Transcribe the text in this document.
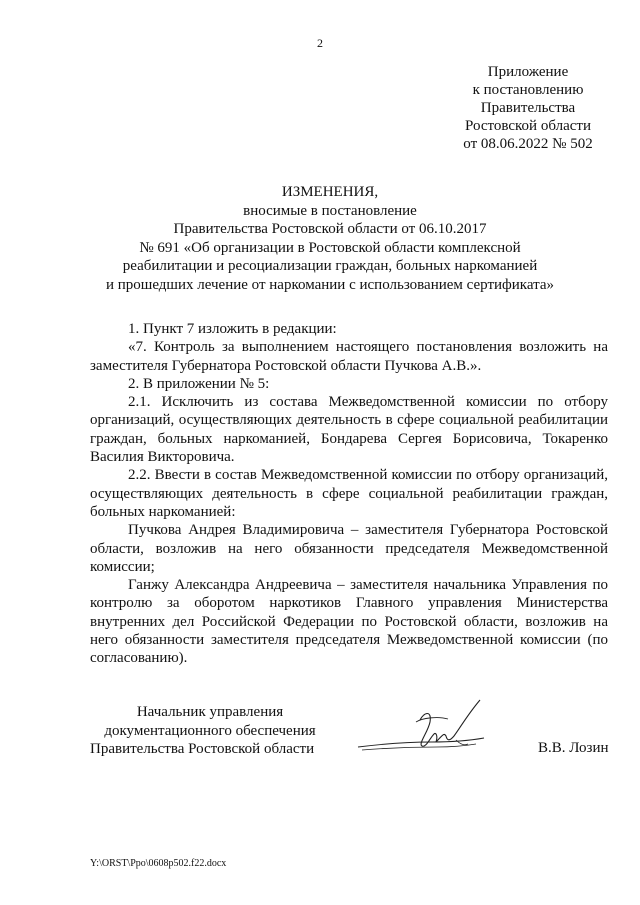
2
Приложение
к постановлению
Правительства
Ростовской области
от 08.06.2022 № 502
ИЗМЕНЕНИЯ,
вносимые в постановление
Правительства Ростовской области от 06.10.2017
№ 691 «Об организации в Ростовской области комплексной
реабилитации и ресоциализации граждан, больных наркоманией
и прошедших лечение от наркомании с использованием сертификата»

1. Пункт 7 изложить в редакции:

«7. Контроль за выполнением настоящего постановления возложить на заместителя Губернатора Ростовской области Пучкова А.В.».

2. В приложении № 5:

2.1. Исключить из состава Межведомственной комиссии по отбору организаций, осуществляющих деятельность в сфере социальной реабилитации граждан, больных наркоманией, Бондарева Сергея Борисовича, Токаренко Василия Викторовича.

2.2. Ввести в состав Межведомственной комиссии по отбору организаций, осуществляющих деятельность в сфере социальной реабилитации граждан, больных наркоманией:

Пучкова Андрея Владимировича – заместителя Губернатора Ростовской области, возложив на него обязанности председателя Межведомственной комиссии;

Ганжу Александра Андреевича – заместителя начальника Управления по контролю за оборотом наркотиков Главного управления Министерства внутренних дел Российской Федерации по Ростовской области, возложив на него обязанности заместителя председателя Межведомственной комиссии (по согласованию).

Начальник управления
документационного обеспечения
Правительства Ростовской области	В.В. Лозин
Y:\ORST\Ppo\0608p502.f22.docx
